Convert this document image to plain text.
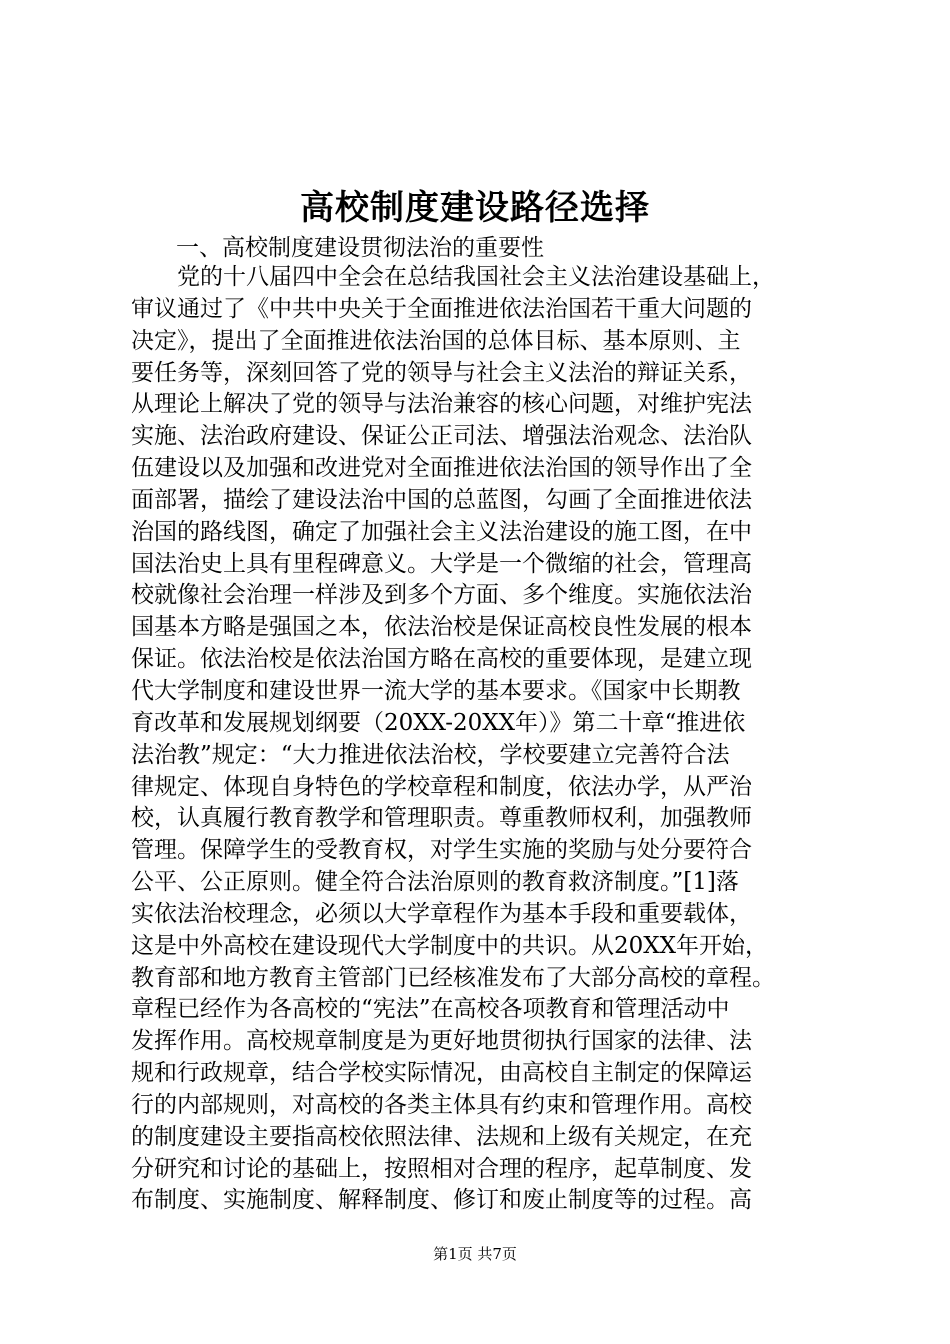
高校制度建设路径选择

一、高校制度建设贯彻法治的重要性

党的十八届四中全会在总结我国社会主义法治建设基础上，
审议通过了《中共中央关于全面推进依法治国若干重大问题的
决定》，提出了全面推进依法治国的总体目标、基本原则、主
要任务等，深刻回答了党的领导与社会主义法治的辩证关系，
从理论上解决了党的领导与法治兼容的核心问题，对维护宪法
实施、法治政府建设、保证公正司法、增强法治观念、法治队
伍建设以及加强和改进党对全面推进依法治国的领导作出了全
面部署，描绘了建设法治中国的总蓝图，勾画了全面推进依法
治国的路线图，确定了加强社会主义法治建设的施工图，在中
国法治史上具有里程碑意义。大学是一个微缩的社会，管理高
校就像社会治理一样涉及到多个方面、多个维度。实施依法治
国基本方略是强国之本，依法治校是保证高校良性发展的根本
保证。依法治校是依法治国方略在高校的重要体现，是建立现
代大学制度和建设世界一流大学的基本要求。《国家中长期教
育改革和发展规划纲要（20XX-20XX年）》第二十章“推进依
法治教”规定：“大力推进依法治校，学校要建立完善符合法
律规定、体现自身特色的学校章程和制度，依法办学，从严治
校，认真履行教育教学和管理职责。尊重教师权利，加强教师
管理。保障学生的受教育权，对学生实施的奖励与处分要符合
公平、公正原则。健全符合法治原则的教育救济制度。”[1]落
实依法治校理念，必须以大学章程作为基本手段和重要载体，
这是中外高校在建设现代大学制度中的共识。从20XX年开始，
教育部和地方教育主管部门已经核准发布了大部分高校的章程。
章程已经作为各高校的“宪法”在高校各项教育和管理活动中
发挥作用。高校规章制度是为更好地贯彻执行国家的法律、法
规和行政规章，结合学校实际情况，由高校自主制定的保障运
行的内部规则，对高校的各类主体具有约束和管理作用。高校
的制度建设主要指高校依照法律、法规和上级有关规定，在充
分研究和讨论的基础上，按照相对合理的程序，起草制度、发
布制度、实施制度、解释制度、修订和废止制度等的过程。高
第1页 共7页
